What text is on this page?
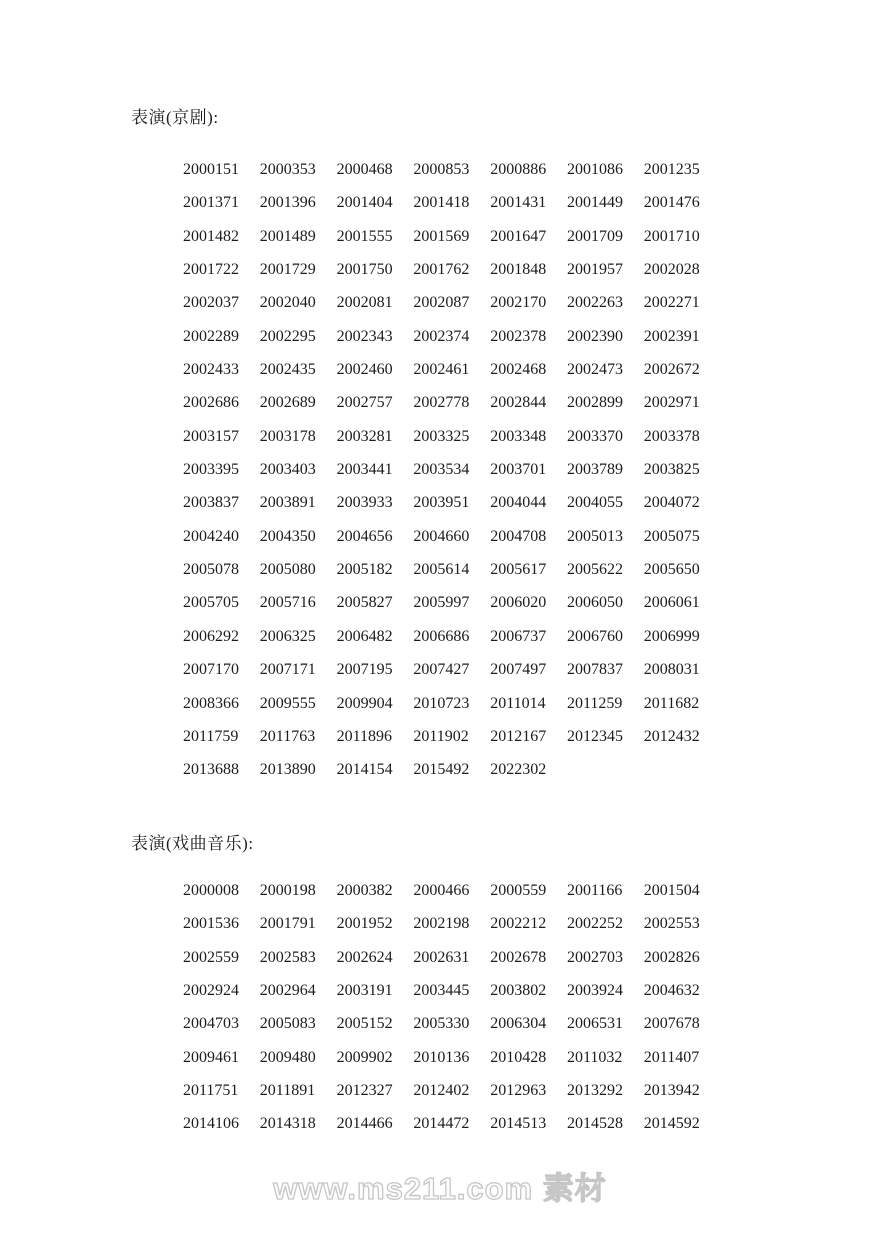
表演(京剧):
2000151	2000353	2000468	2000853	2000886	2001086	2001235
2001371	2001396	2001404	2001418	2001431	2001449	2001476
2001482	2001489	2001555	2001569	2001647	2001709	2001710
2001722	2001729	2001750	2001762	2001848	2001957	2002028
2002037	2002040	2002081	2002087	2002170	2002263	2002271
2002289	2002295	2002343	2002374	2002378	2002390	2002391
2002433	2002435	2002460	2002461	2002468	2002473	2002672
2002686	2002689	2002757	2002778	2002844	2002899	2002971
2003157	2003178	2003281	2003325	2003348	2003370	2003378
2003395	2003403	2003441	2003534	2003701	2003789	2003825
2003837	2003891	2003933	2003951	2004044	2004055	2004072
2004240	2004350	2004656	2004660	2004708	2005013	2005075
2005078	2005080	2005182	2005614	2005617	2005622	2005650
2005705	2005716	2005827	2005997	2006020	2006050	2006061
2006292	2006325	2006482	2006686	2006737	2006760	2006999
2007170	2007171	2007195	2007427	2007497	2007837	2008031
2008366	2009555	2009904	2010723	2011014	2011259	2011682
2011759	2011763	2011896	2011902	2012167	2012345	2012432
2013688	2013890	2014154	2015492	2022302
表演(戏曲音乐):
2000008	2000198	2000382	2000466	2000559	2001166	2001504
2001536	2001791	2001952	2002198	2002212	2002252	2002553
2002559	2002583	2002624	2002631	2002678	2002703	2002826
2002924	2002964	2003191	2003445	2003802	2003924	2004632
2004703	2005083	2005152	2005330	2006304	2006531	2007678
2009461	2009480	2009902	2010136	2010428	2011032	2011407
2011751	2011891	2012327	2012402	2012963	2013292	2013942
2014106	2014318	2014466	2014472	2014513	2014528	2014592
www.ms211.com 素材
